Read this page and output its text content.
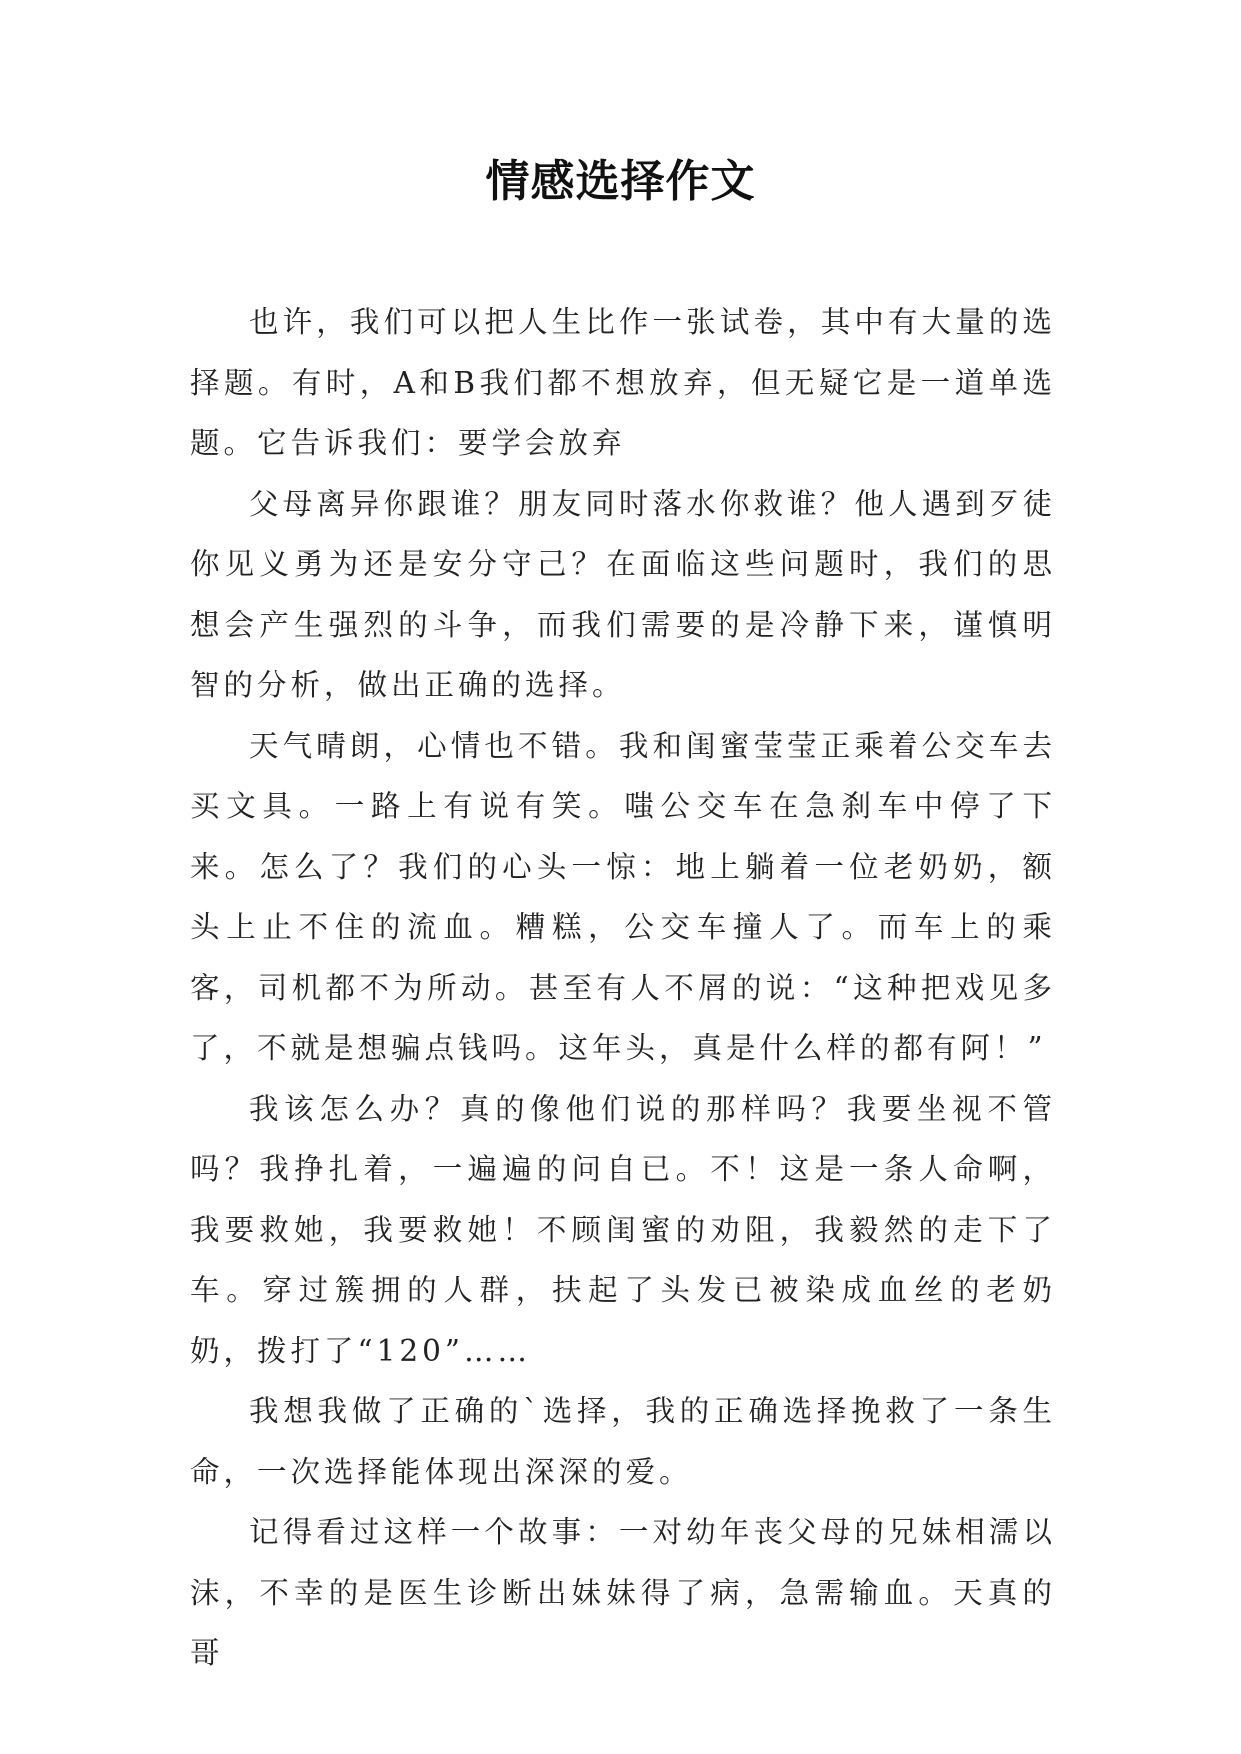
情感选择作文

也许，我们可以把人生比作一张试卷，其中有大量的选择题。有时，A和B我们都不想放弃，但无疑它是一道单选题。它告诉我们：要学会放弃

父母离异你跟谁？朋友同时落水你救谁？他人遇到歹徒你见义勇为还是安分守己？在面临这些问题时，我们的思想会产生强烈的斗争，而我们需要的是冷静下来，谨慎明智的分析，做出正确的选择。

天气晴朗，心情也不错。我和闺蜜莹莹正乘着公交车去买文具。一路上有说有笑。嗤公交车在急刹车中停了下来。怎么了？我们的心头一惊：地上躺着一位老奶奶，额头上止不住的流血。糟糕，公交车撞人了。而车上的乘客，司机都不为所动。甚至有人不屑的说：“这种把戏见多了，不就是想骗点钱吗。这年头，真是什么样的都有阿！”

我该怎么办？真的像他们说的那样吗？我要坐视不管吗？我挣扎着，一遍遍的问自已。不！这是一条人命啊，我要救她，我要救她！不顾闺蜜的劝阻，我毅然的走下了车。穿过簇拥的人群，扶起了头发已被染成血丝的老奶奶，拨打了“120”……

我想我做了正确的`选择，我的正确选择挽救了一条生命，一次选择能体现出深深的爱。

记得看过这样一个故事：一对幼年丧父母的兄妹相濡以沫，不幸的是医生诊断出妹妹得了病，急需输血。天真的哥
